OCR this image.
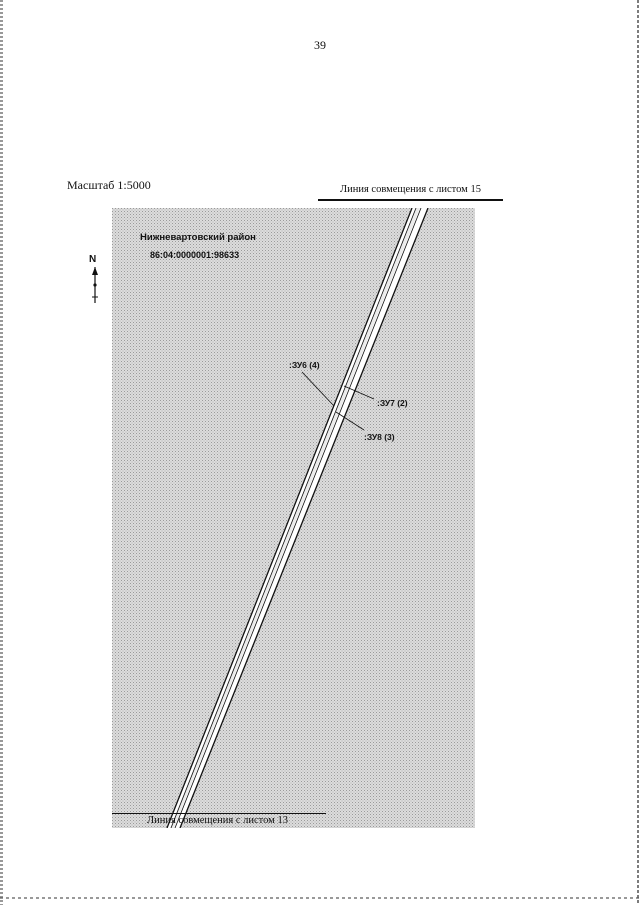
39
Масштаб 1:5000	Линия совмещения с листом 15
Нижневартовский район
86:04:0000001:98633
:ЗУ6 (4)
:ЗУ7 (2)
:ЗУ8 (3)
N
Линия совмещения с листом 13
